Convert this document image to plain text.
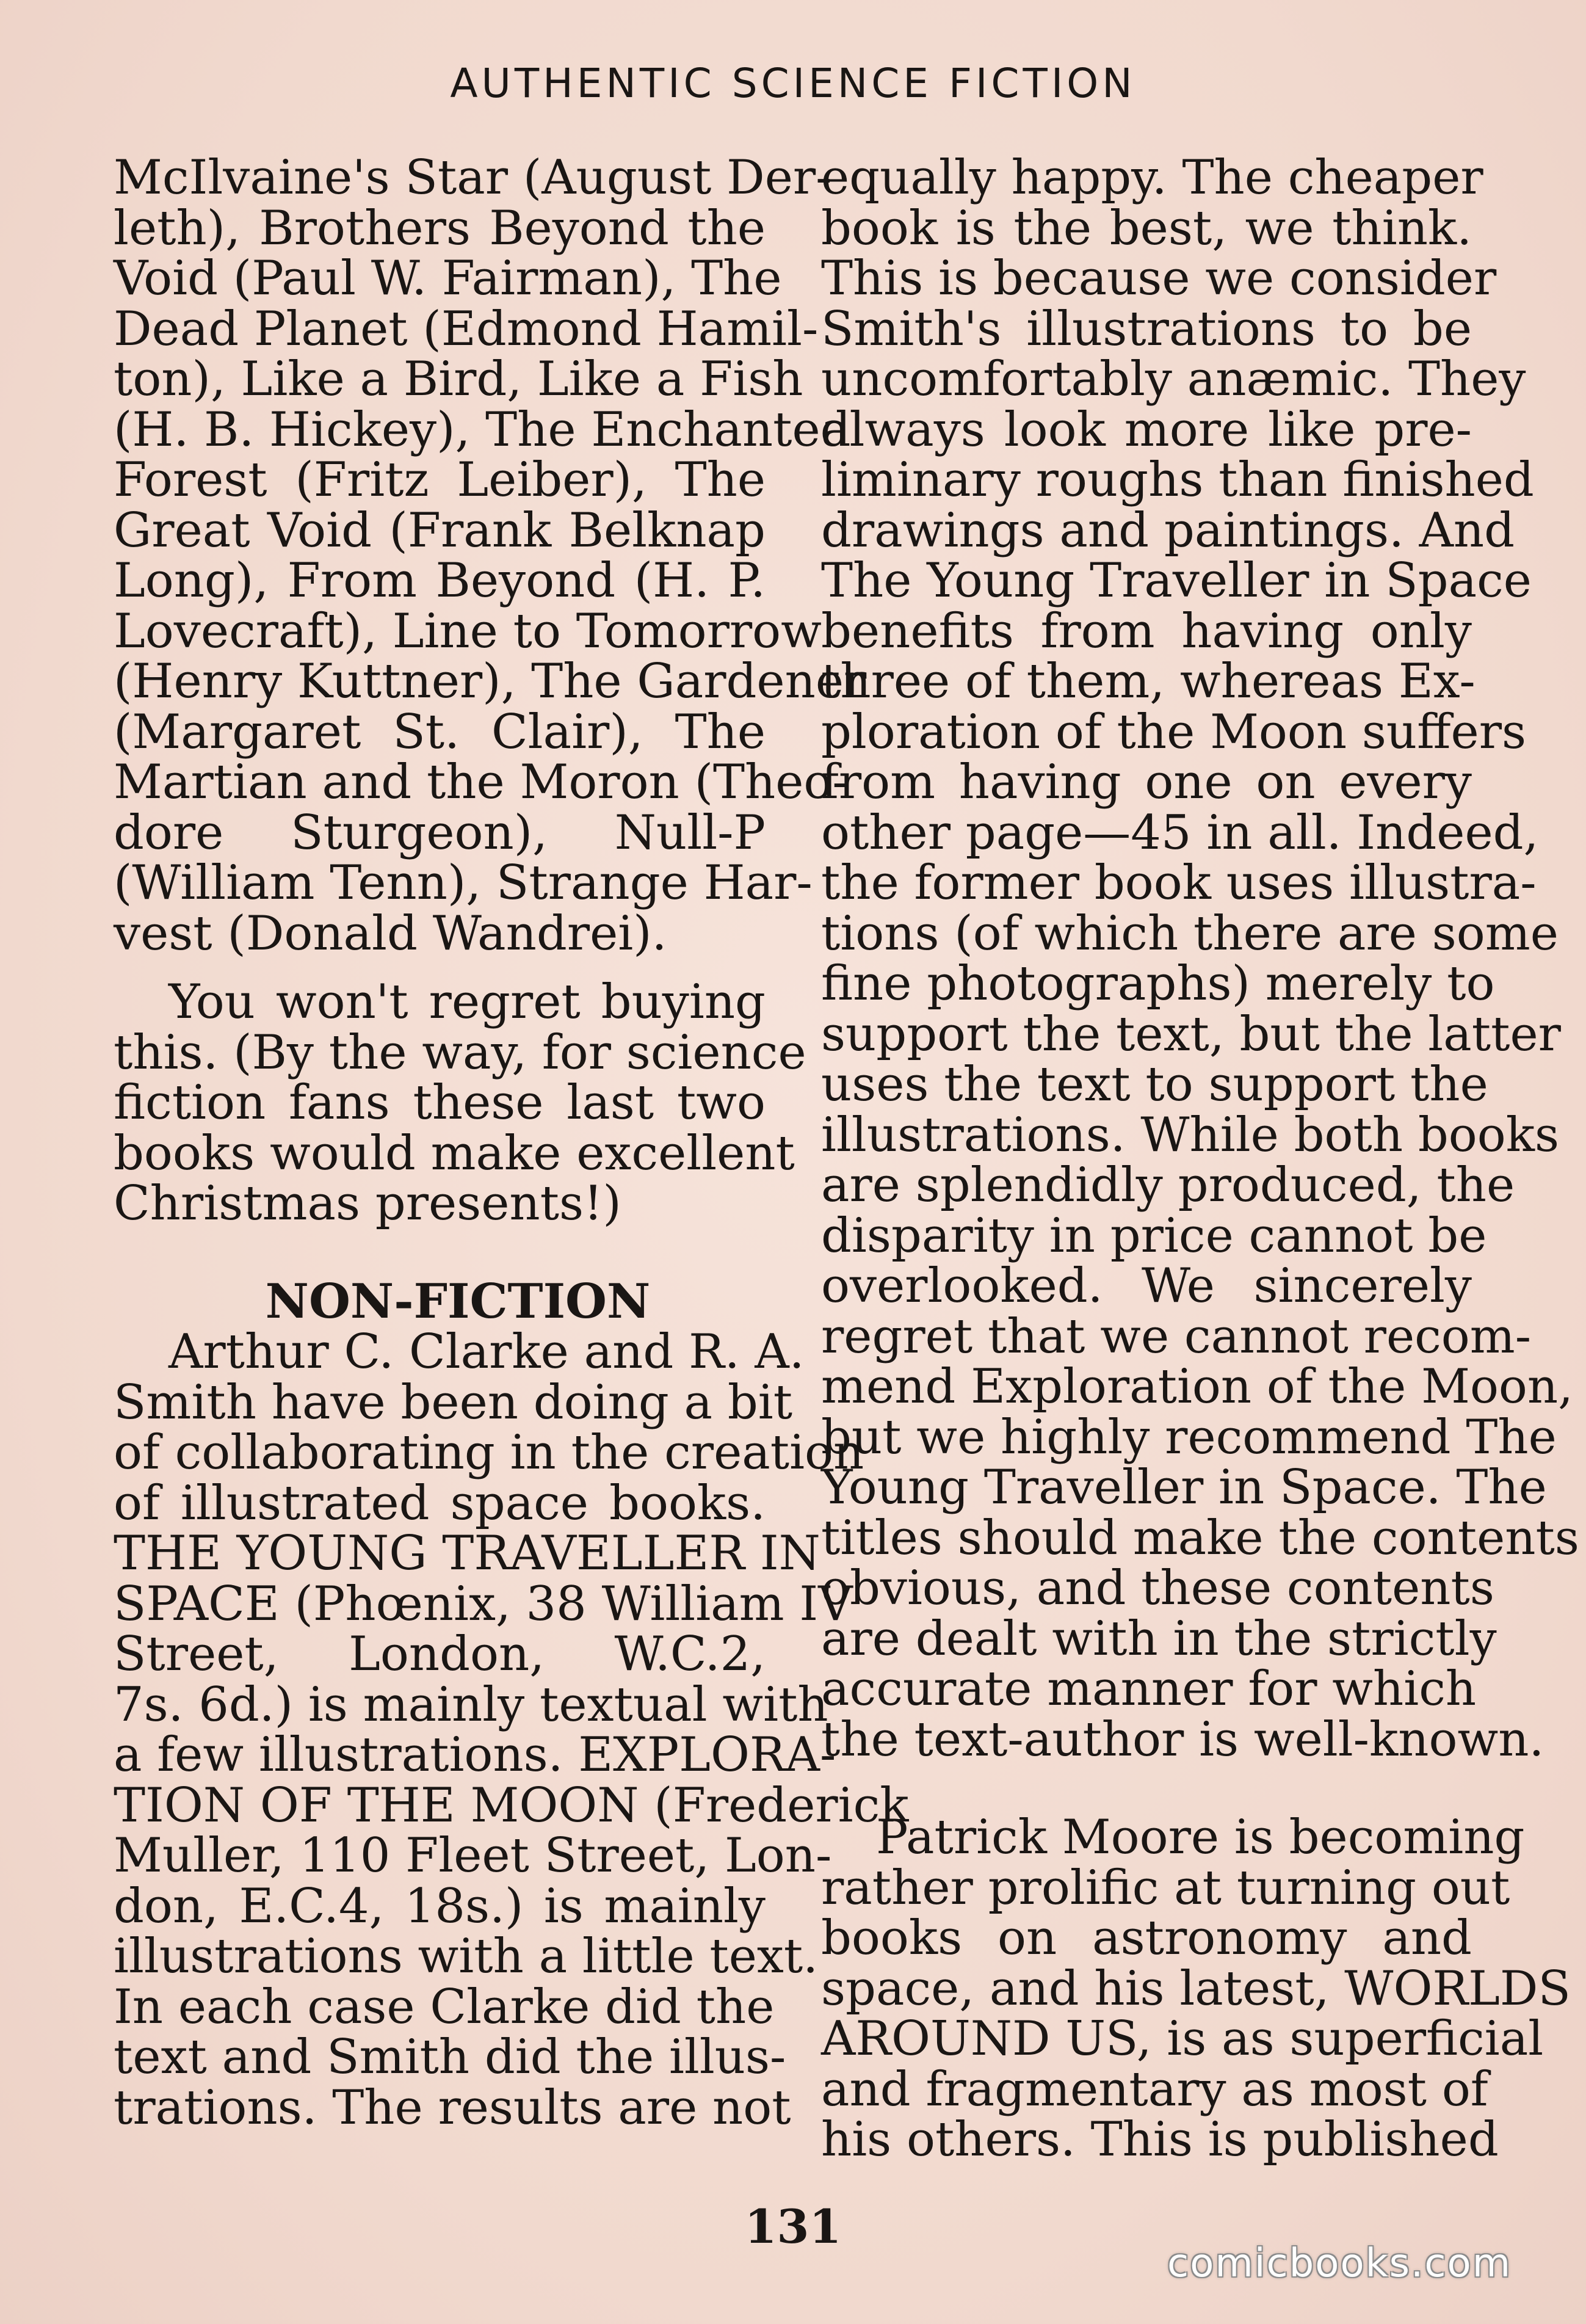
AUTHENTIC SCIENCE FICTION
McIlvaine's Star (August Der-
leth), Brothers Beyond the
Void (Paul W. Fairman), The
Dead Planet (Edmond Hamil-
ton), Like a Bird, Like a Fish
(H. B. Hickey), The Enchanted
Forest (Fritz Leiber), The
Great Void (Frank Belknap
Long), From Beyond (H. P.
Lovecraft), Line to Tomorrow
(Henry Kuttner), The Gardener
(Margaret St. Clair), The
Martian and the Moron (Theo-
dore Sturgeon), Null-P
(William Tenn), Strange Har-
vest (Donald Wandrei).
You won't regret buying
this. (By the way, for science
fiction fans these last two
books would make excellent
Christmas presents!)
NON-FICTION
Arthur C. Clarke and R. A.
Smith have been doing a bit
of collaborating in the creation
of illustrated space books.
THE YOUNG TRAVELLER IN
SPACE (Phœnix, 38 William IV
Street, London, W.C.2,
7s. 6d.) is mainly textual with
a few illustrations. EXPLORA-
TION OF THE MOON (Frederick
Muller, 110 Fleet Street, Lon-
don, E.C.4, 18s.) is mainly
illustrations with a little text.
In each case Clarke did the
text and Smith did the illus-
trations. The results are not
equally happy. The cheaper
book is the best, we think.
This is because we consider
Smith's illustrations to be
uncomfortably anæmic. They
always look more like pre-
liminary roughs than finished
drawings and paintings. And
The Young Traveller in Space
benefits from having only
three of them, whereas Ex-
ploration of the Moon suffers
from having one on every
other page—45 in all. Indeed,
the former book uses illustra-
tions (of which there are some
fine photographs) merely to
support the text, but the latter
uses the text to support the
illustrations. While both books
are splendidly produced, the
disparity in price cannot be
overlooked. We sincerely
regret that we cannot recom-
mend Exploration of the Moon,
but we highly recommend The
Young Traveller in Space. The
titles should make the contents
obvious, and these contents
are dealt with in the strictly
accurate manner for which
the text-author is well-known.
Patrick Moore is becoming
rather prolific at turning out
books on astronomy and
space, and his latest, WORLDS
AROUND US, is as superficial
and fragmentary as most of
his others. This is published
131
comicbooks.com
